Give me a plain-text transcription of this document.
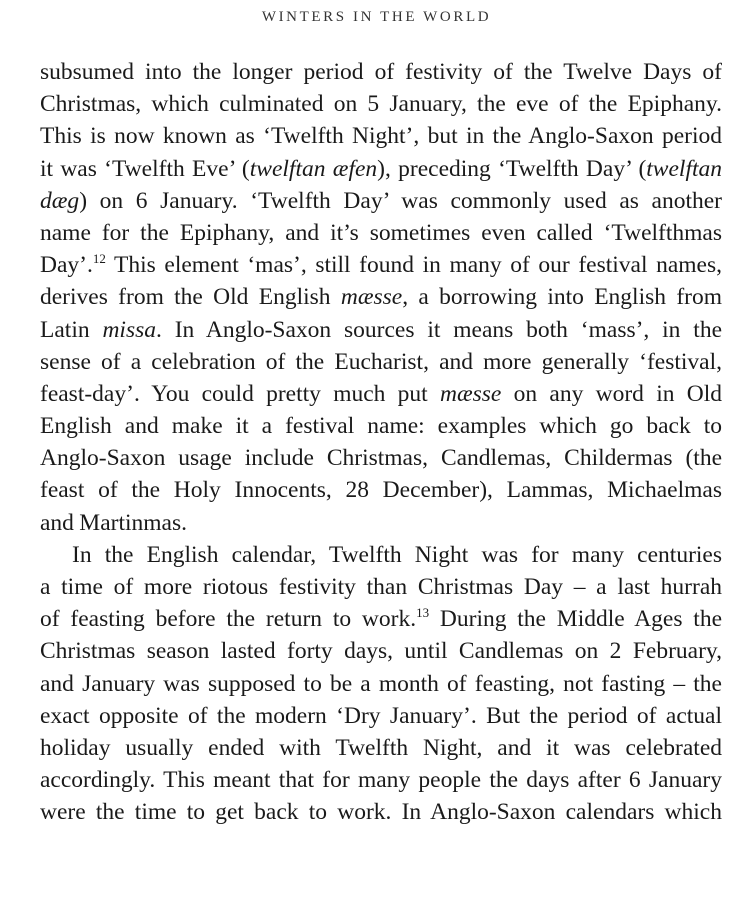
WINTERS IN THE WORLD
subsumed into the longer period of festivity of the Twelve Days of
Christmas, which culminated on 5 January, the eve of the Epiphany.
This is now known as ‘Twelfth Night’, but in the Anglo-Saxon period
it was ‘Twelfth Eve’ (twelftan æfen), preceding ‘Twelfth Day’ (twelftan
dæg) on 6 January. ‘Twelfth Day’ was commonly used as another
name for the Epiphany, and it’s sometimes even called ‘Twelfthmas
Day’.$^{12}$ This element ‘mas’, still found in many of our festival names,
derives from the Old English mæsse, a borrowing into English from
Latin missa. In Anglo-Saxon sources it means both ‘mass’, in the
sense of a celebration of the Eucharist, and more generally ‘festival,
feast-day’. You could pretty much put mæsse on any word in Old
English and make it a festival name: examples which go back to
Anglo-Saxon usage include Christmas, Candlemas, Childermas (the
feast of the Holy Innocents, 28 December), Lammas, Michaelmas
and Martinmas.
In the English calendar, Twelfth Night was for many centuries
a time of more riotous festivity than Christmas Day – a last hurrah
of feasting before the return to work.$^{13}$ During the Middle Ages the
Christmas season lasted forty days, until Candlemas on 2 February,
and January was supposed to be a month of feasting, not fasting – the
exact opposite of the modern ‘Dry January’. But the period of actual
holiday usually ended with Twelfth Night, and it was celebrated
accordingly. This meant that for many people the days after 6 January
were the time to get back to work. In Anglo-Saxon calendars which
